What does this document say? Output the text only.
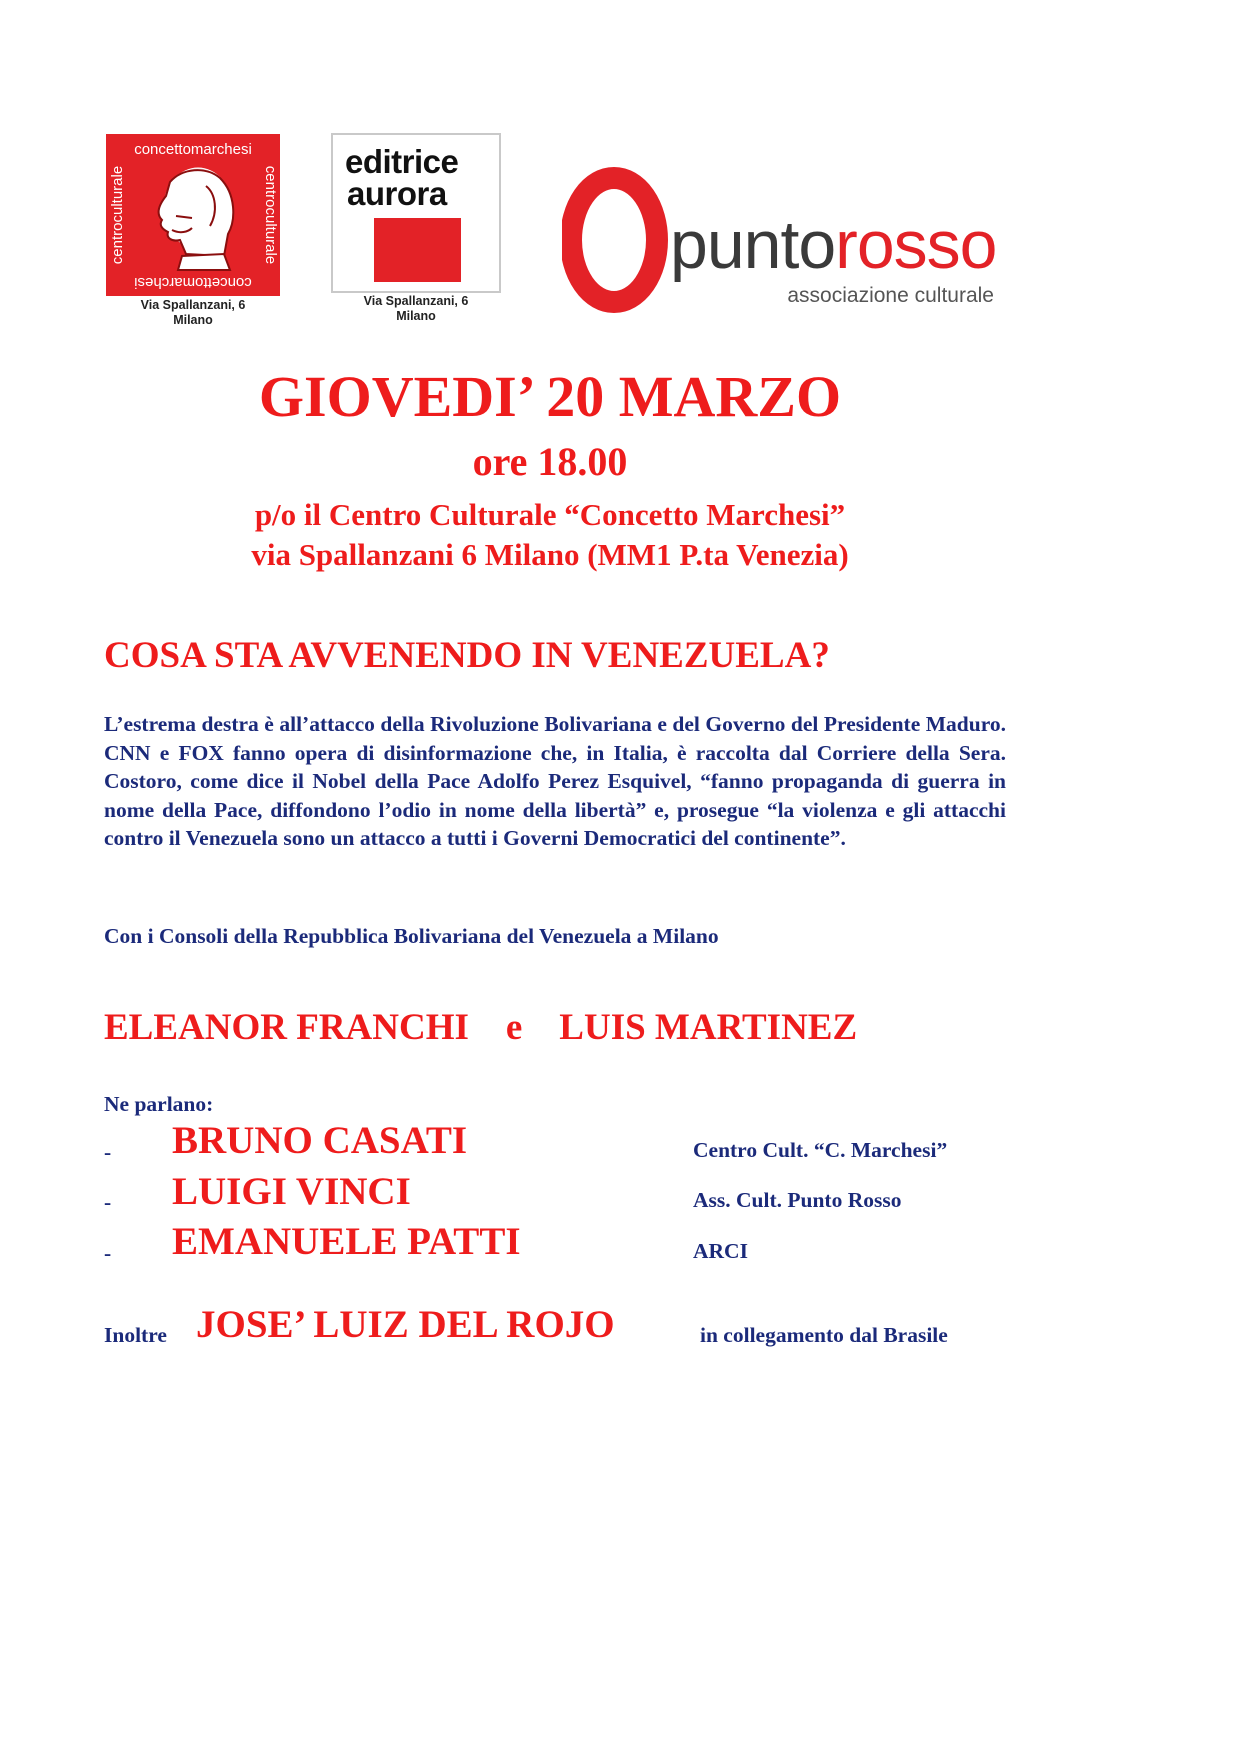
concettomarchesi
centroculturale
concettomarchesi
centroculturale
Via Spallanzani, 6
Milano
editrice
aurora
Via Spallanzani, 6
Milano
puntorosso
associazione culturale
GIOVEDI’ 20 MARZO
ore 18.00
p/o il Centro Culturale “Concetto Marchesi”
via Spallanzani 6 Milano (MM1 P.ta Venezia)
COSA STA AVVENENDO IN VENEZUELA?
L’estrema destra è all’attacco della Rivoluzione Bolivariana e del Governo del Presidente Maduro. CNN e FOX fanno opera di disinformazione che, in Italia, è raccolta dal Corriere della Sera. Costoro, come dice il Nobel della Pace Adolfo Perez Esquivel, “fanno propaganda di guerra in nome della Pace, diffondono l’odio in nome della libertà” e, prosegue “la violenza e gli attacchi contro il Venezuela sono un attacco a tutti i Governi Democratici del continente”.
Con i Consoli della Repubblica Bolivariana del Venezuela a Milano
ELEANOR FRANCHI    e    LUIS MARTINEZ
Ne parlano:
- BRUNO CASATI	Centro Cult. “C. Marchesi”
- LUIGI VINCI	Ass. Cult. Punto Rosso
- EMANUELE PATTI	ARCI
Inoltre JOSE’ LUIZ DEL ROJO	in collegamento dal Brasile
